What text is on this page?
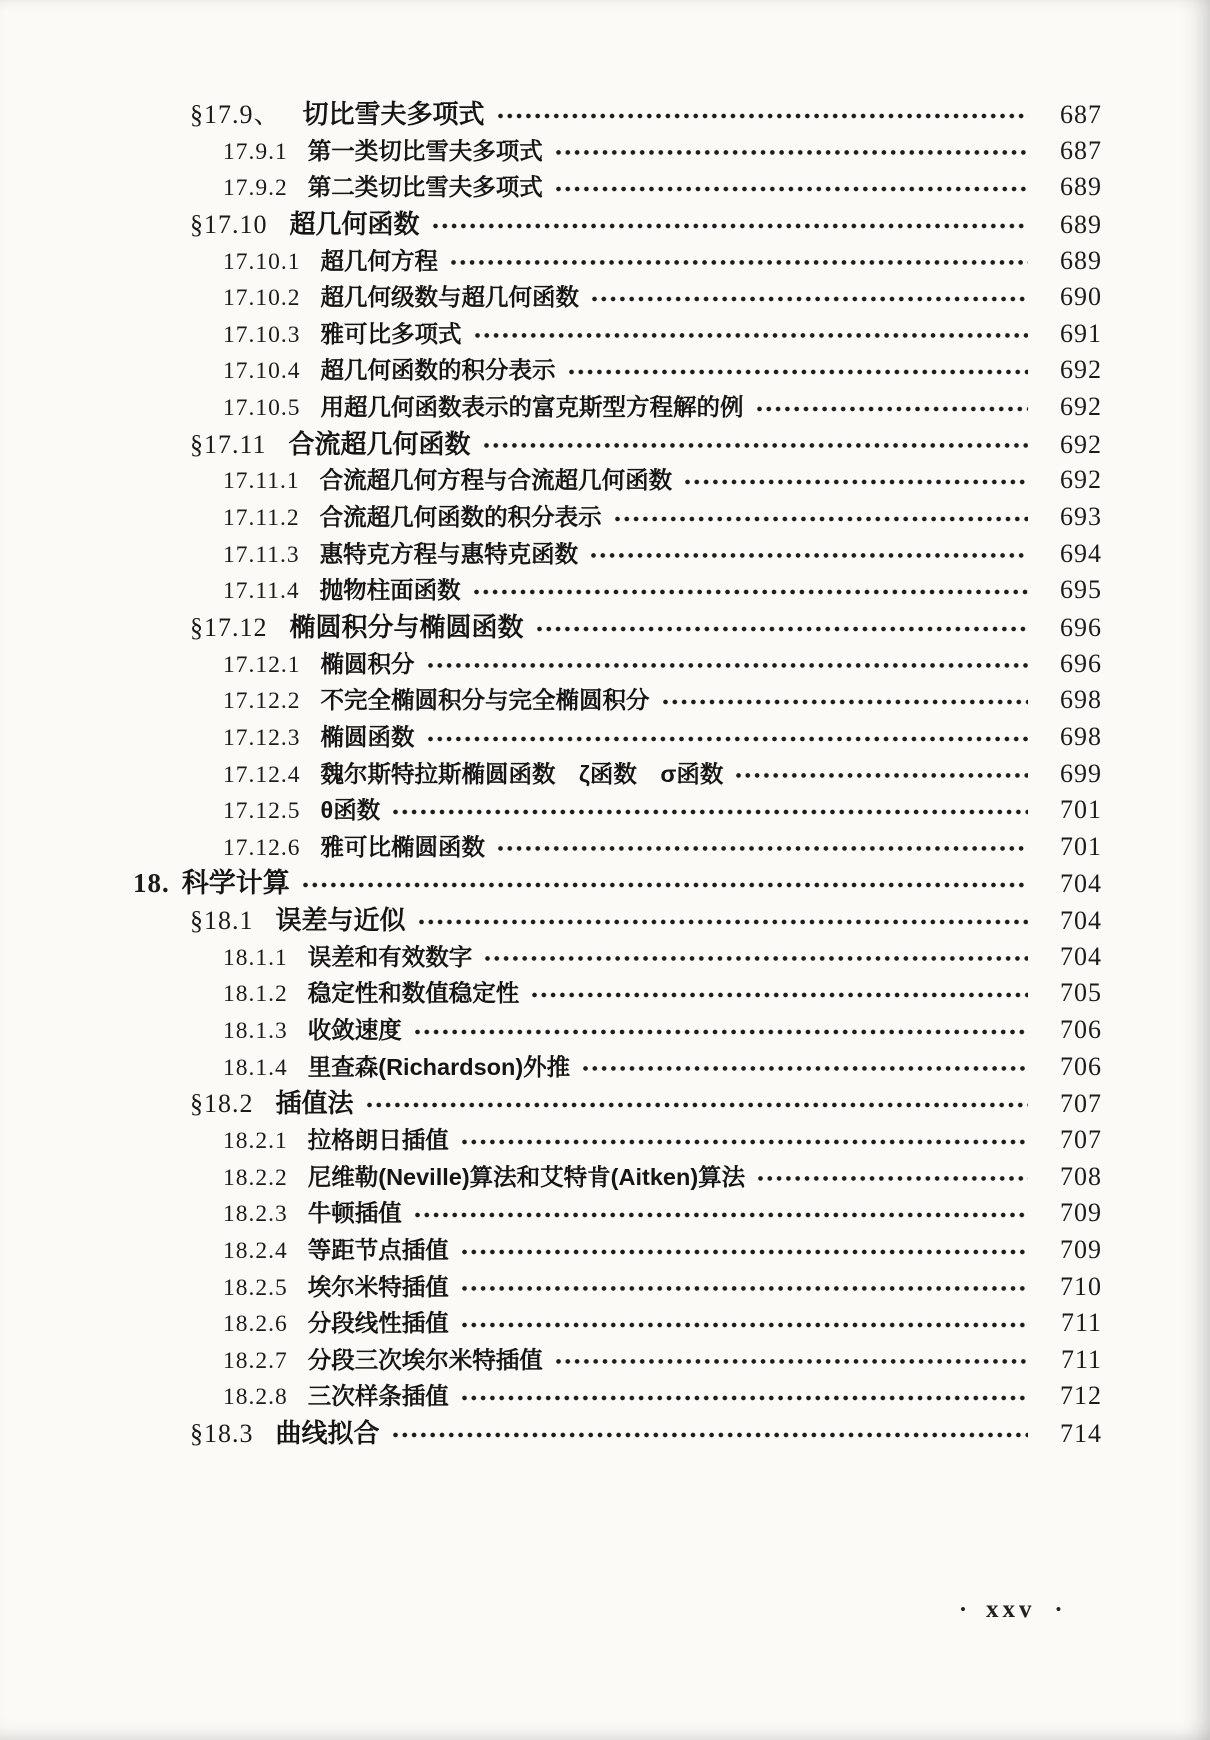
§17.9、 切比雪夫多项式	687
17.9.1 第一类切比雪夫多项式	687
17.9.2 第二类切比雪夫多项式	689
§17.10 超几何函数	689
17.10.1 超几何方程	689
17.10.2 超几何级数与超几何函数	690
17.10.3 雅可比多项式	691
17.10.4 超几何函数的积分表示	692
17.10.5 用超几何函数表示的富克斯型方程解的例	692
§17.11 合流超几何函数	692
17.11.1 合流超几何方程与合流超几何函数	692
17.11.2 合流超几何函数的积分表示	693
17.11.3 惠特克方程与惠特克函数	694
17.11.4 抛物柱面函数	695
§17.12 椭圆积分与椭圆函数	696
17.12.1 椭圆积分	696
17.12.2 不完全椭圆积分与完全椭圆积分	698
17.12.3 椭圆函数	698
17.12.4 魏尔斯特拉斯椭圆函数　ζ函数　σ函数	699
17.12.5 θ函数	701
17.12.6 雅可比椭圆函数	701
18. 科学计算	704
§18.1 误差与近似	704
18.1.1 误差和有效数字	704
18.1.2 稳定性和数值稳定性	705
18.1.3 收敛速度	706
18.1.4 里查森(Richardson)外推	706
§18.2 插值法	707
18.2.1 拉格朗日插值	707
18.2.2 尼维勒(Neville)算法和艾特肯(Aitken)算法	708
18.2.3 牛顿插值	709
18.2.4 等距节点插值	709
18.2.5 埃尔米特插值	710
18.2.6 分段线性插值	711
18.2.7 分段三次埃尔米特插值	711
18.2.8 三次样条插值	712
§18.3 曲线拟合	714
• xxv •
